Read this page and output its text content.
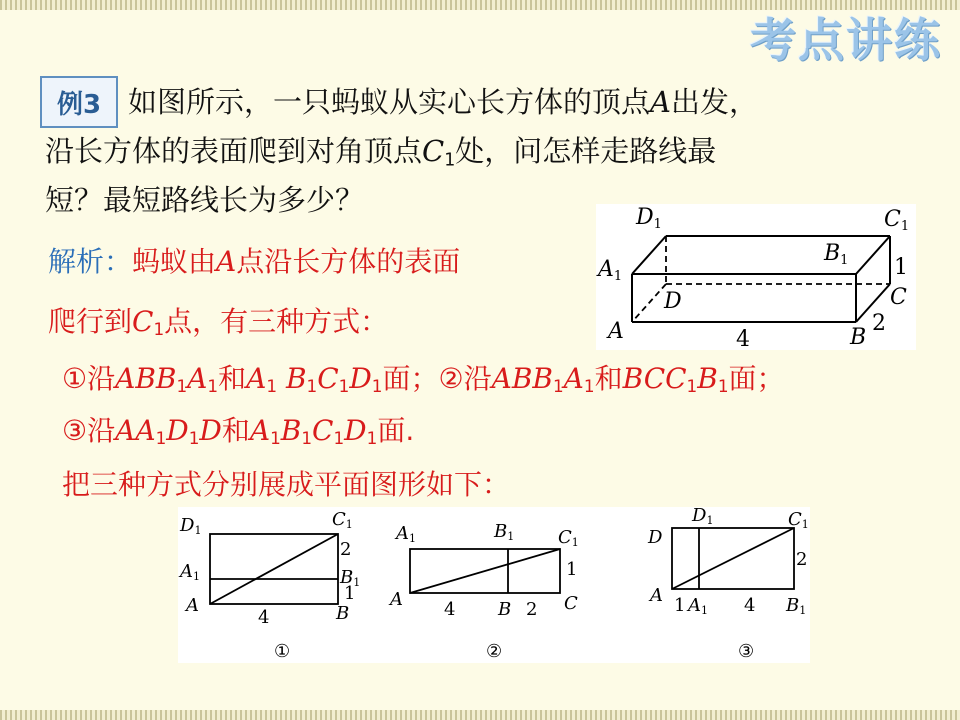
考点讲练
例3 如图所示，一只蚂蚁从实心长方体的顶点A出发，
沿长方体的表面爬到对角顶点$C_1$处，问怎样走路线最
短？最短路线长为多少？
解析：蚂蚁由A点沿长方体的表面
爬行到$C_1$点，有三种方式：
①沿$ABB_1A_1$和$A_1$ $B_1C_1D_1$面；②沿$ABB_1A_1$和$BCC_1B_1$面；
③沿$AA_1D_1D$和$A_1B_1C_1D_1$面.
把三种方式分别展成平面图形如下：
D1	C1
B1
A1
D	C
A	B
4
1
2
D1
C1
A1	B1
A	B
2
1
4
①
A1	B1 C1
A	B	C
1
4	2
②
D1	C1
D
A A1	B1
1	4
2
③
